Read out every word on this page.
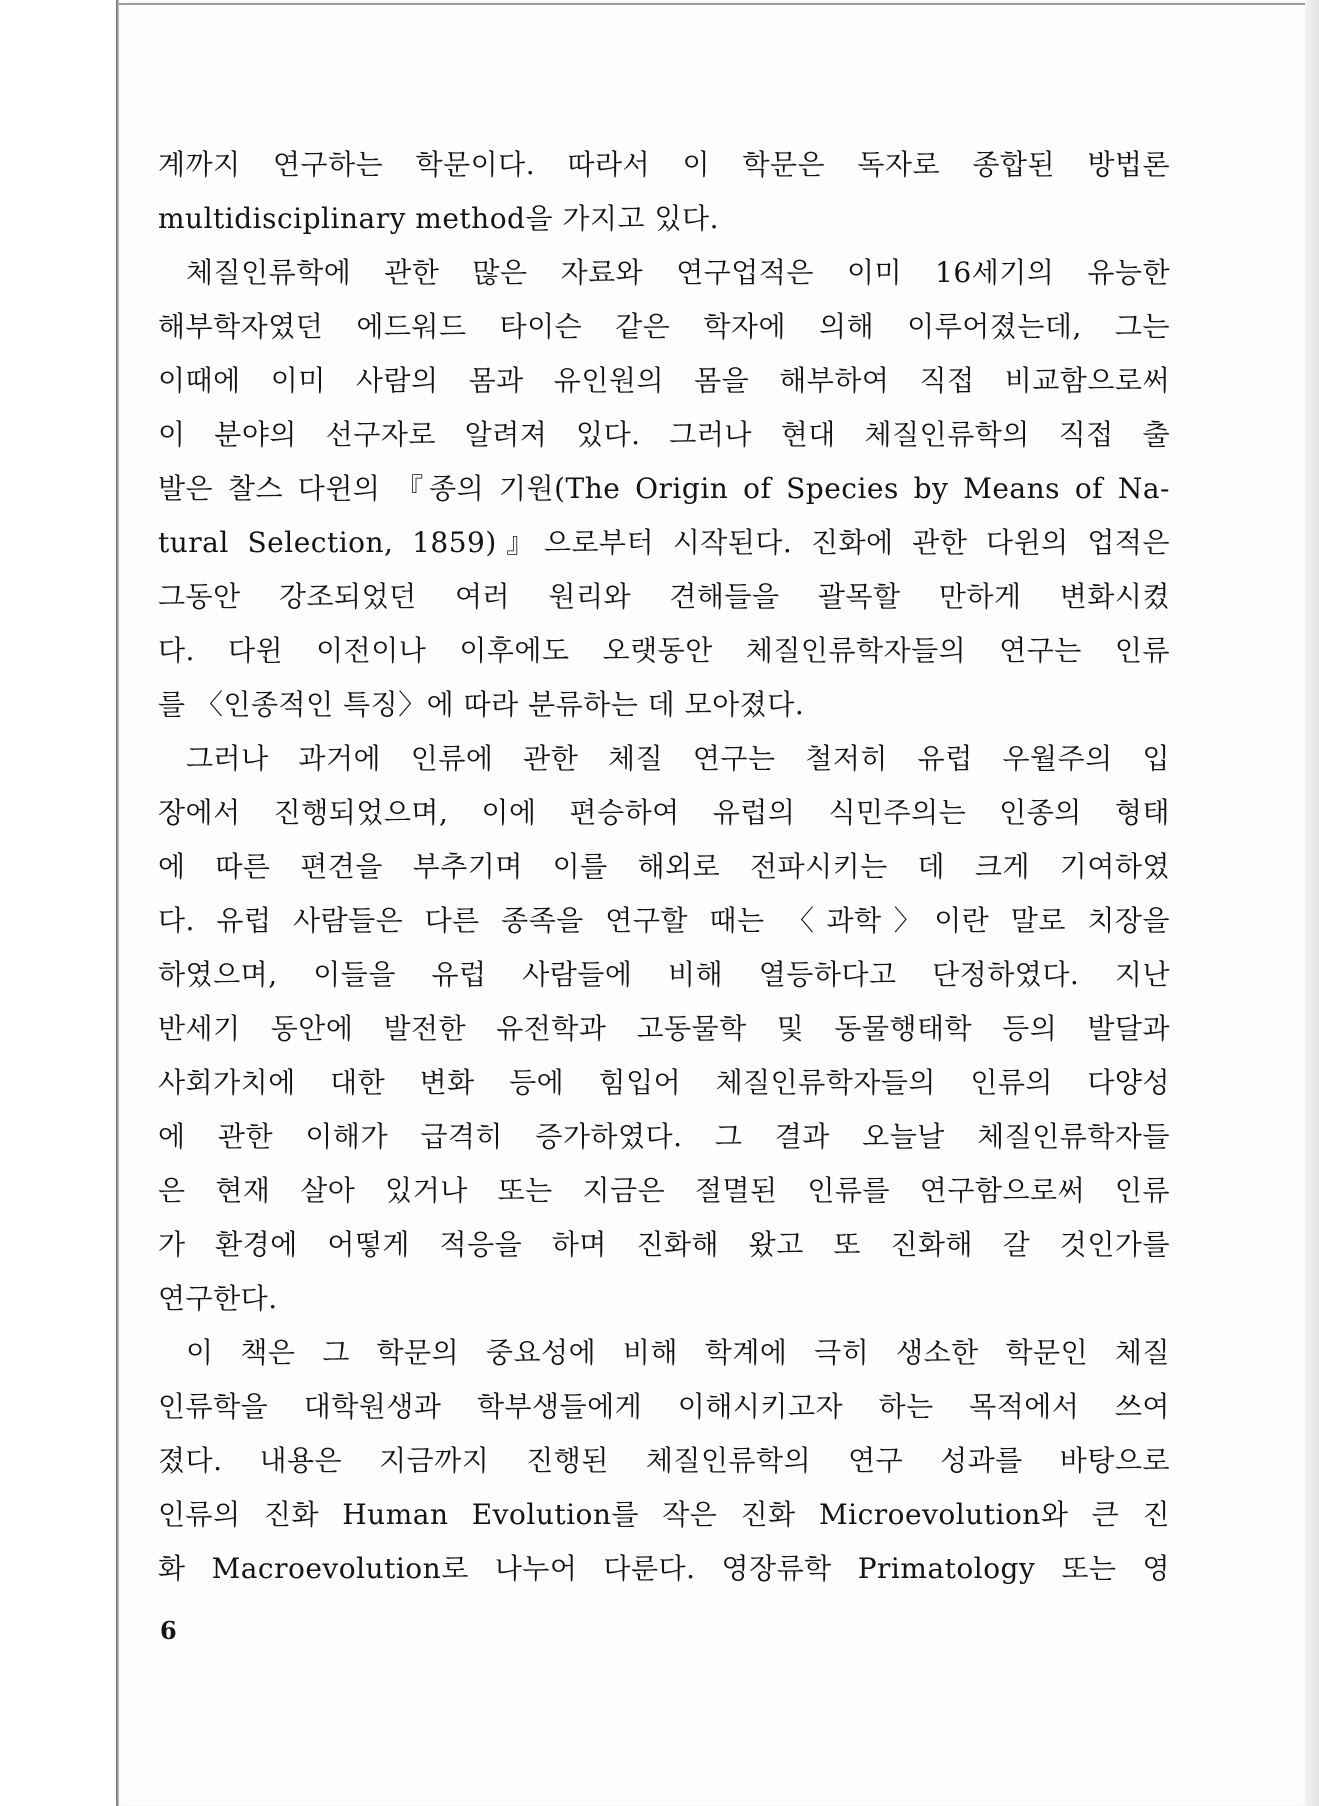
계까지 연구하는 학문이다. 따라서 이 학문은 독자로 종합된 방법론
multidisciplinary method을 가지고 있다.
체질인류학에 관한 많은 자료와 연구업적은 이미 16세기의 유능한
해부학자였던 에드워드 타이슨 같은 학자에 의해 이루어졌는데, 그는
이때에 이미 사람의 몸과 유인원의 몸을 해부하여 직접 비교함으로써
이 분야의 선구자로 알려져 있다. 그러나 현대 체질인류학의 직접 출
발은 찰스 다윈의 『종의 기원(The Origin of Species by Means of Na-
tural Selection, 1859)』으로부터 시작된다. 진화에 관한 다윈의 업적은
그동안 강조되었던 여러 원리와 견해들을 괄목할 만하게 변화시켰
다. 다윈 이전이나 이후에도 오랫동안 체질인류학자들의 연구는 인류
를 〈인종적인 특징〉에 따라 분류하는 데 모아졌다.
그러나 과거에 인류에 관한 체질 연구는 철저히 유럽 우월주의 입
장에서 진행되었으며, 이에 편승하여 유럽의 식민주의는 인종의 형태
에 따른 편견을 부추기며 이를 해외로 전파시키는 데 크게 기여하였
다. 유럽 사람들은 다른 종족을 연구할 때는 〈과학〉이란 말로 치장을
하였으며, 이들을 유럽 사람들에 비해 열등하다고 단정하였다. 지난
반세기 동안에 발전한 유전학과 고동물학 및 동물행태학 등의 발달과
사회가치에 대한 변화 등에 힘입어 체질인류학자들의 인류의 다양성
에 관한 이해가 급격히 증가하였다. 그 결과 오늘날 체질인류학자들
은 현재 살아 있거나 또는 지금은 절멸된 인류를 연구함으로써 인류
가 환경에 어떻게 적응을 하며 진화해 왔고 또 진화해 갈 것인가를
연구한다.
이 책은 그 학문의 중요성에 비해 학계에 극히 생소한 학문인 체질
인류학을 대학원생과 학부생들에게 이해시키고자 하는 목적에서 쓰여
졌다. 내용은 지금까지 진행된 체질인류학의 연구 성과를 바탕으로
인류의 진화 Human Evolution를 작은 진화 Microevolution와 큰 진
화 Macroevolution로 나누어 다룬다. 영장류학 Primatology 또는 영
6
